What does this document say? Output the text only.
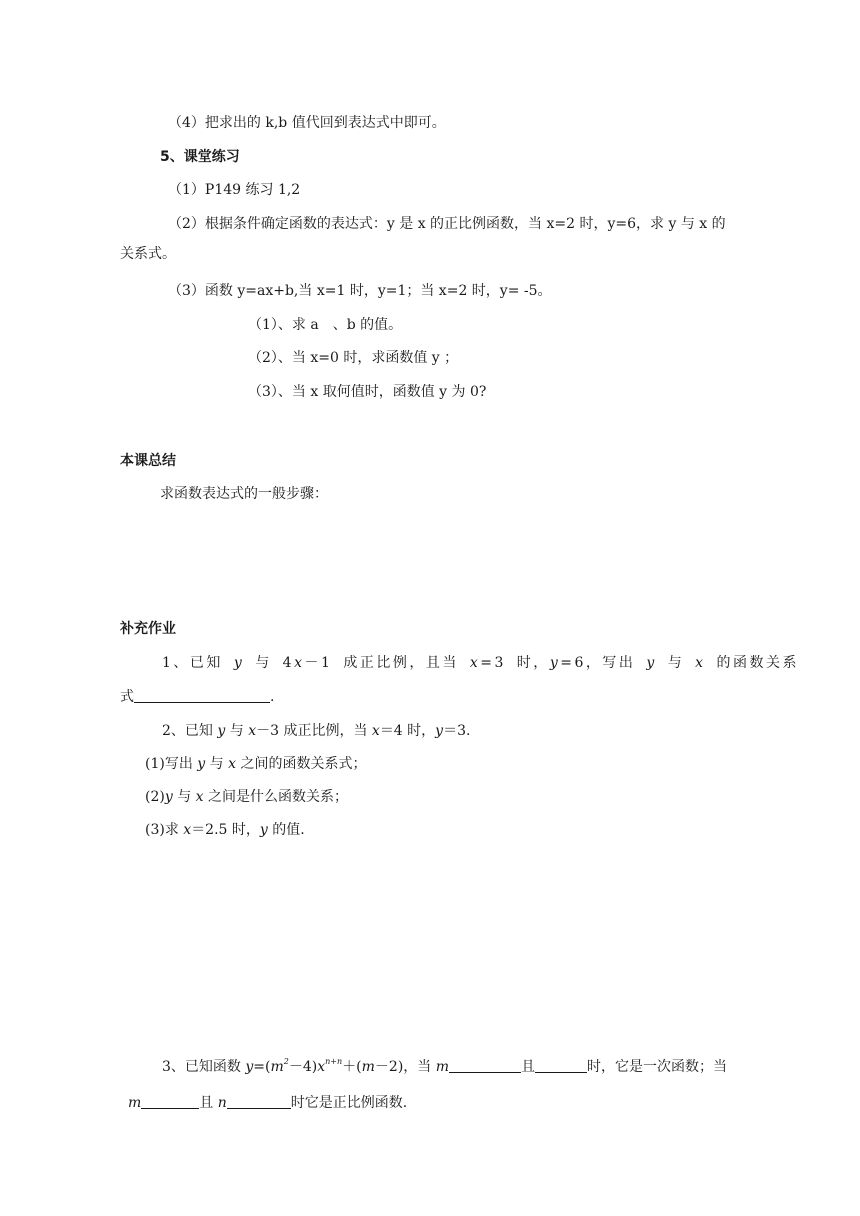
（4）把求出的 k,b 值代回到表达式中即可。
5、课堂练习
（1）P149 练习 1,2
（2）根据条件确定函数的表达式：y 是 x 的正比例函数，当 x=2 时，y=6，求 y 与 x 的
关系式。
（3）函数 y=ax+b,当 x=1 时，y=1；当 x=2 时，y= -5。
（1）、求 a　、b 的值。
（2）、当 x=0 时，求函数值 y ；
（3）、当 x 取何值时，函数值 y 为 0?
本课总结
求函数表达式的一般步骤：
补充作业
1、已知 y 与 4x－1 成正比例，且当 x=3 时，y=6，写出 y 与 x 的函数关系
式	.
2、已知 y 与 x－3 成正比例，当 x＝4 时，y＝3.
(1)写出 y 与 x 之间的函数关系式；
(2)y 与 x 之间是什么函数关系；
(3)求 x＝2.5 时，y 的值.
3、已知函数 $y=(m^2-4)x^{n+n}+(m-2)$，当 m	且	时，它是一次函数；当
m	且 n	时它是正比例函数.
